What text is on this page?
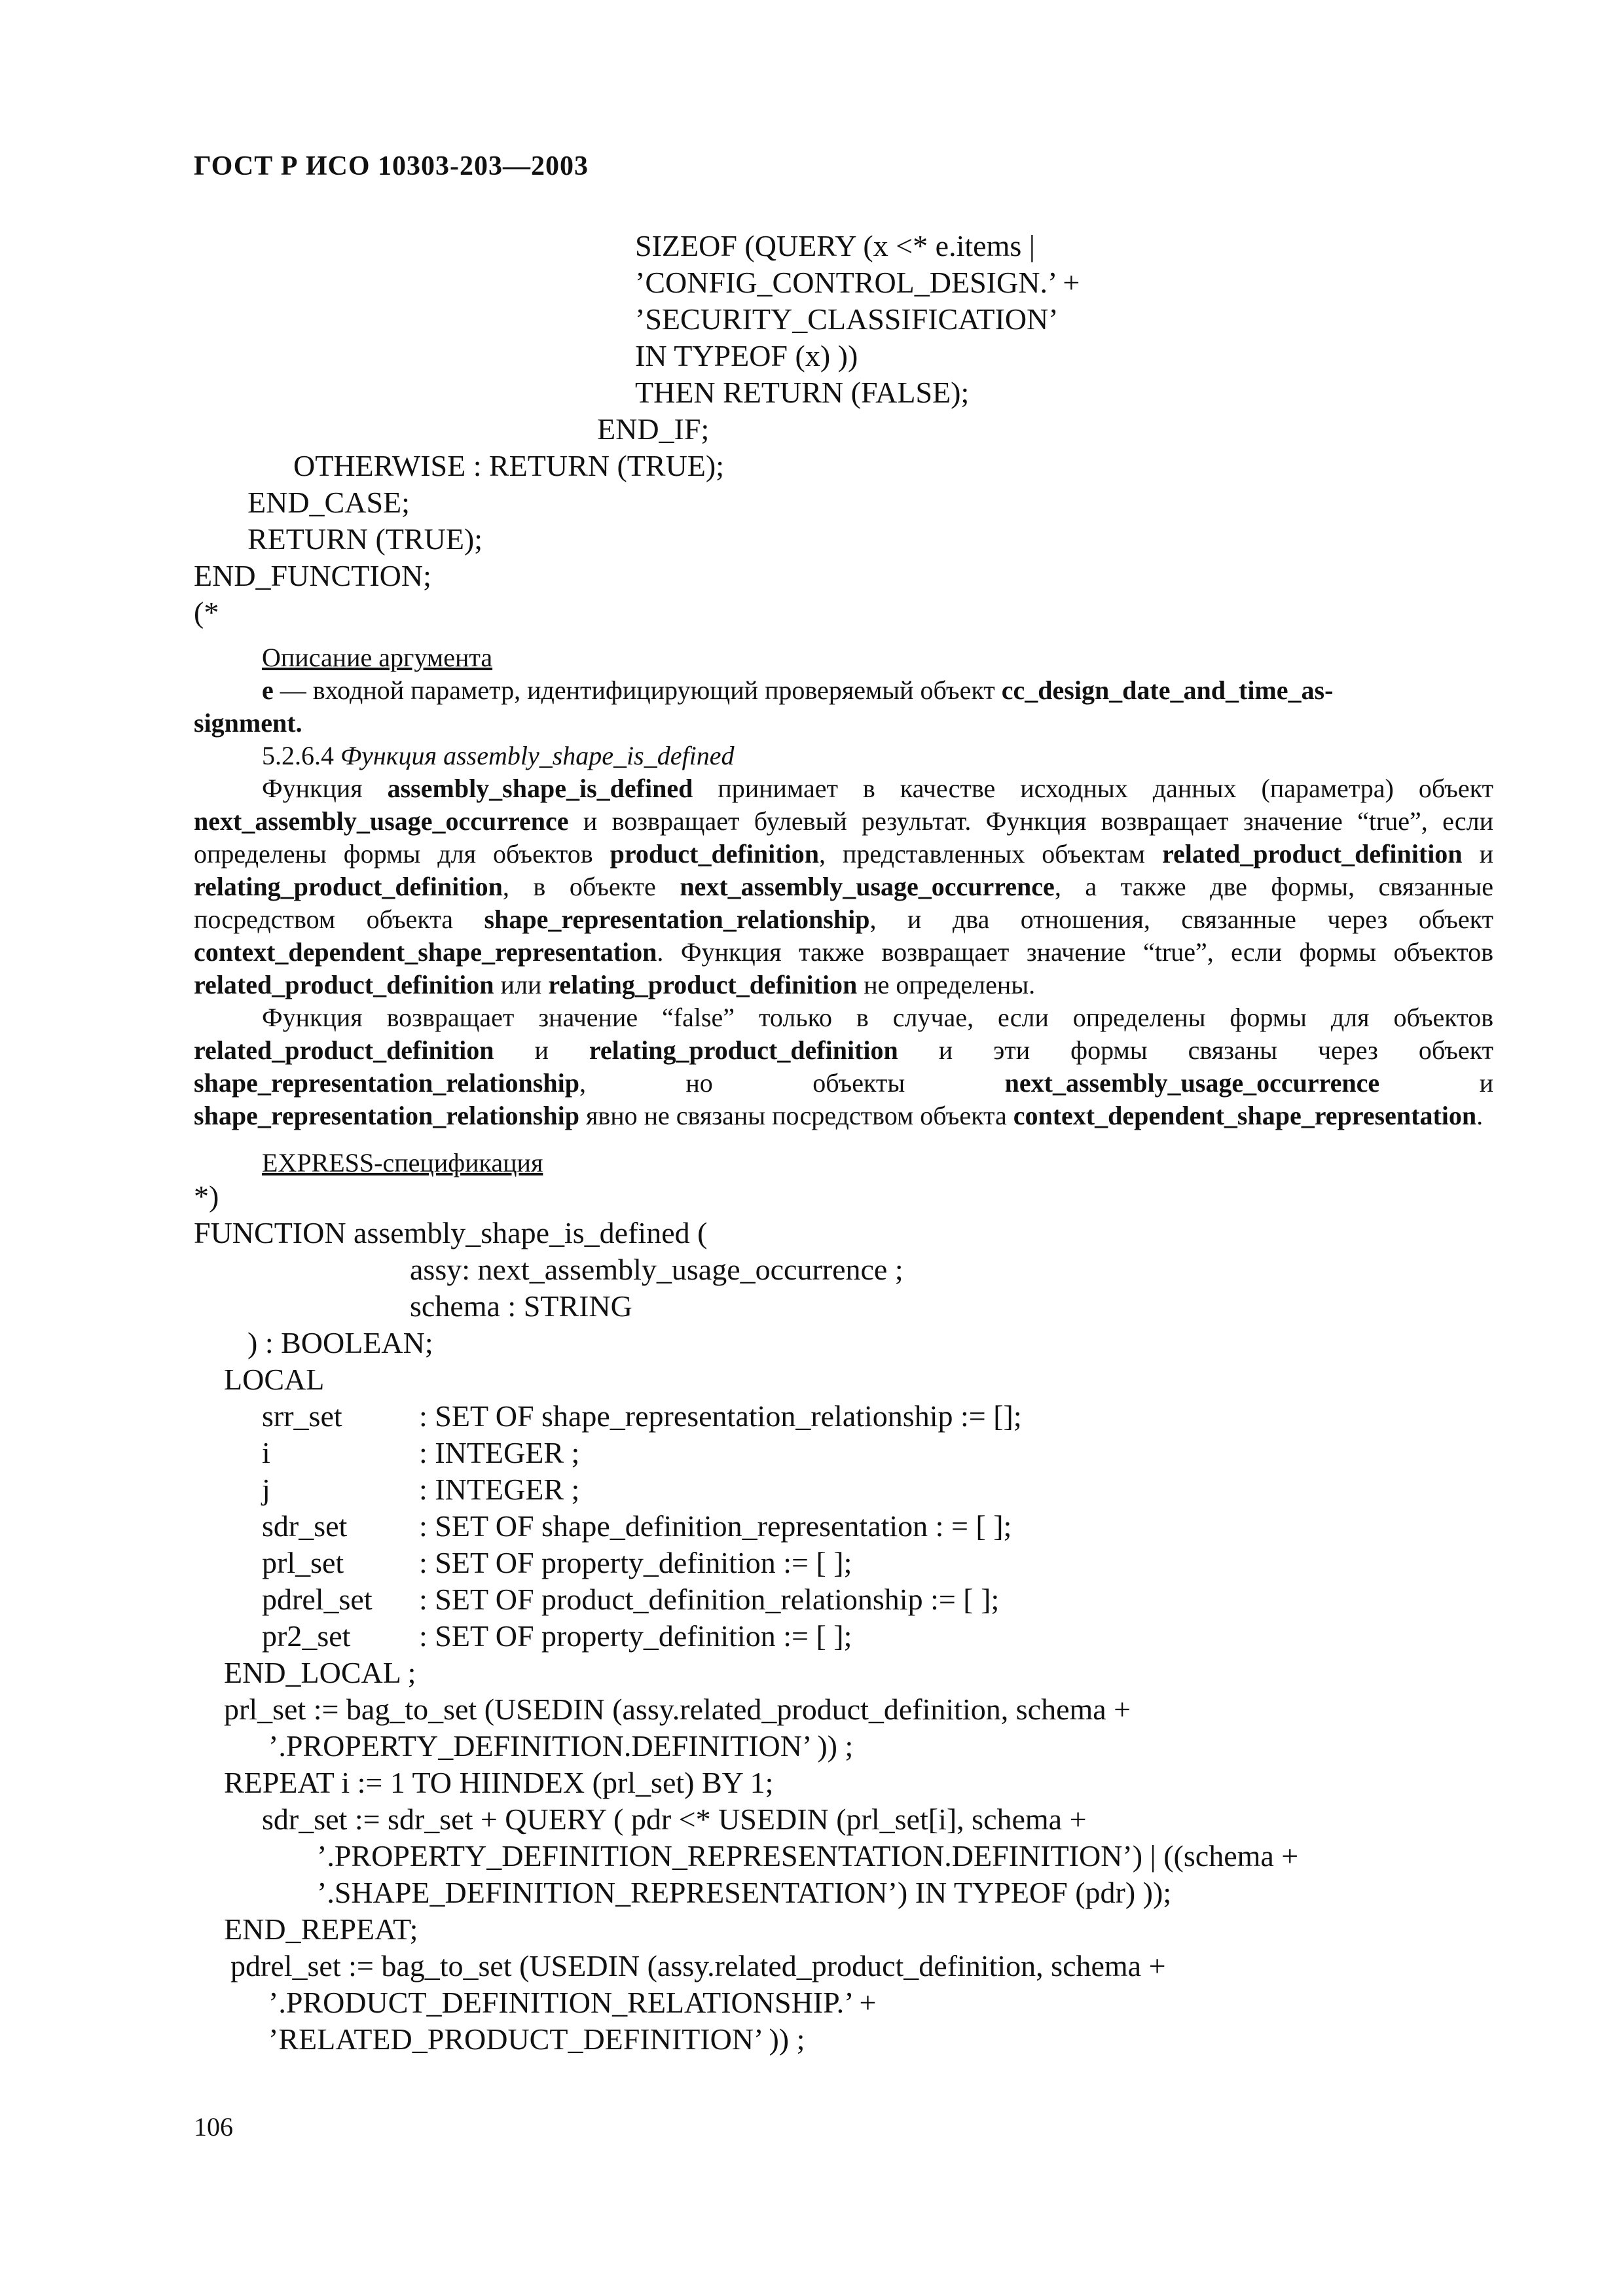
ГОСТ Р ИСО 10303-203—2003
SIZEOF (QUERY (x <* e.items |
’CONFIG_CONTROL_DESIGN.’ +
’SECURITY_CLASSIFICATION’
IN TYPEOF (x) ))
THEN RETURN (FALSE);
END_IF;
OTHERWISE : RETURN (TRUE);
END_CASE;
RETURN (TRUE);
END_FUNCTION;
(*
Описание аргумента
e — входной параметр, идентифицирующий проверяемый объект cc_design_date_and_time_as-
signment.
5.2.6.4 Функция assembly_shape_is_defined
Функция assembly_shape_is_defined принимает в качестве исходных данных (параметра) объект next_assembly_usage_occurrence и возвращает булевый результат. Функция возвращает значение “true”, если определены формы для объектов product_definition, представленных объектам related_product_definition и relating_product_definition, в объекте next_assembly_usage_occurrence, а также две формы, связанные посредством объекта shape_representation_relationship, и два отношения, связанные через объект context_dependent_shape_representation. Функция также возвращает значение “true”, если формы объектов related_product_definition или relating_product_definition не определены.
Функция возвращает значение “false” только в случае, если определены формы для объектов related_product_definition и relating_product_definition и эти формы связаны через объект shape_representation_relationship, но объекты next_assembly_usage_occurrence и shape_representation_relationship явно не связаны посредством объекта context_dependent_shape_representation.
EXPRESS-спецификация
*)
FUNCTION assembly_shape_is_defined (
assy: next_assembly_usage_occurrence ;
schema : STRING
) : BOOLEAN;
LOCAL
srr_set	: SET OF shape_representation_relationship := [];
i	: INTEGER ;
j	: INTEGER ;
sdr_set : SET OF shape_definition_representation : = [ ];
prl_set : SET OF property_definition := [ ];
pdrel_set : SET OF product_definition_relationship := [ ];
pr2_set : SET OF property_definition := [ ];
END_LOCAL ;
prl_set := bag_to_set (USEDIN (assy.related_product_definition, schema +
’.PROPERTY_DEFINITION.DEFINITION’ )) ;
REPEAT i := 1 TO HIINDEX (prl_set) BY 1;
sdr_set := sdr_set + QUERY ( pdr <* USEDIN (prl_set[i], schema +
’.PROPERTY_DEFINITION_REPRESENTATION.DEFINITION’) | ((schema +
’.SHAPE_DEFINITION_REPRESENTATION’) IN TYPEOF (pdr) ));
END_REPEAT;
pdrel_set := bag_to_set (USEDIN (assy.related_product_definition, schema +
’.PRODUCT_DEFINITION_RELATIONSHIP.’ +
’RELATED_PRODUCT_DEFINITION’ )) ;
106
